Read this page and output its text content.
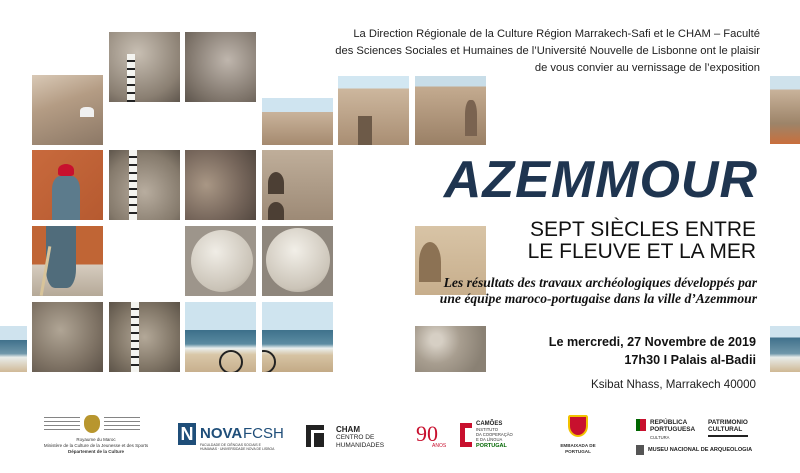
La Direction Régionale de la Culture Région Marrakech-Safi et le CHAM – Faculté
des Sciences Sociales et Humaines de l’Université Nouvelle de Lisbonne ont le plaisir
de vous convier au vernissage de l’exposition
AZEMMOUR
SEPT SIÈCLES ENTRE
LE FLEUVE ET LA MER
Les résultats des travaux archéologiques développés par
une équipe maroco-portugaise dans la ville d’Azemmour
Le mercredi, 27 Novembre de 2019
17h30 I Palais al-Badii
Ksibat Nhass, Marrakech 40000
Royaume du Maroc
Ministère de la Culture de la Jeunesse et des Sports
Département de la Culture
N NOVA FCSH
FACULDADE DE CIÊNCIAS SOCIAIS E HUMANAS · UNIVERSIDADE NOVA DE LISBOA
CHAM
CENTRO DE
HUMANIDADES 90
ANOS
CAMÕES
INSTITUTO
DA COOPERAÇÃO
E DA LÍNGUA
PORTUGAL	EMBAIXADA DE PORTUGAL
REPÚBLICA
PORTUGUESA
CULTURA
PATRIMONIO
CULTURAL
MUSEU NACIONAL DE ARQUEOLOGIA
